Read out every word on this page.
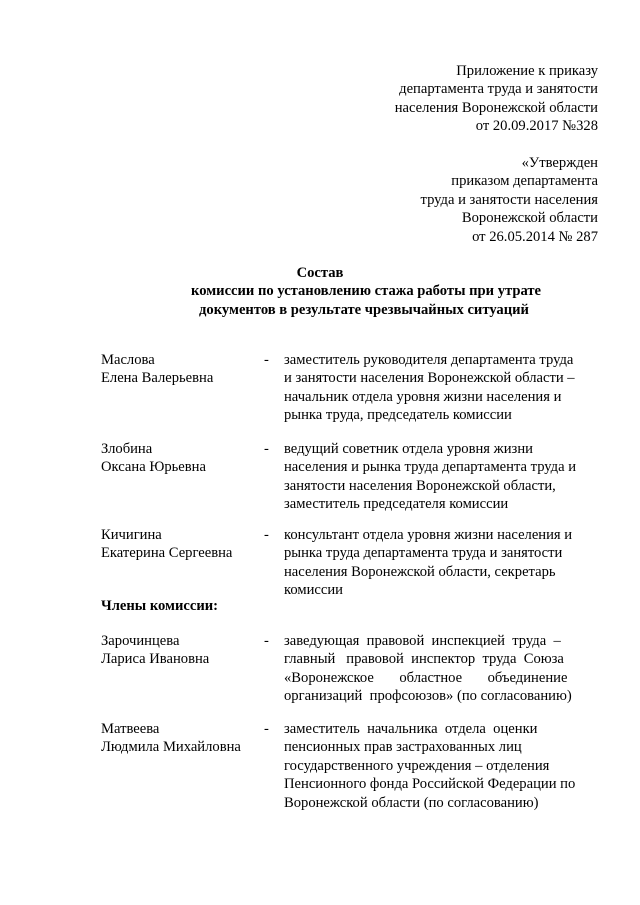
Приложение к приказу
департамента труда и занятости
населения Воронежской области
от 20.09.2017 №328
«Утвержден
приказом департамента
труда и занятости населения
Воронежской области
от 26.05.2014 № 287
Состав
комиссии по установлению стажа работы при утрате
документов в результате чрезвычайных ситуаций
Маслова
Елена Валерьевна
- заместитель руководителя департамента труда
и занятости населения Воронежской области –
начальник отдела уровня жизни населения и
рынка труда, председатель комиссии
Злобина
Оксана Юрьевна
- ведущий советник отдела уровня жизни
населения и рынка труда департамента труда и
занятости населения Воронежской области,
заместитель председателя комиссии
Кичигина
Екатерина Сергеевна
- консультант отдела уровня жизни населения и
рынка труда департамента труда и занятости
населения Воронежской области, секретарь
комиссии
Члены комиссии:
Зарочинцева
Лариса Ивановна
- заведующая  правовой  инспекцией  труда  –
главный   правовой  инспектор  труда  Союза
«Воронежское       областное       объединение
организаций  профсоюзов» (по согласованию)
Матвеева
Людмила Михайловна
- заместитель  начальника  отдела  оценки
пенсионных прав застрахованных лиц
государственного учреждения – отделения
Пенсионного фонда Российской Федерации по
Воронежской области (по согласованию)
